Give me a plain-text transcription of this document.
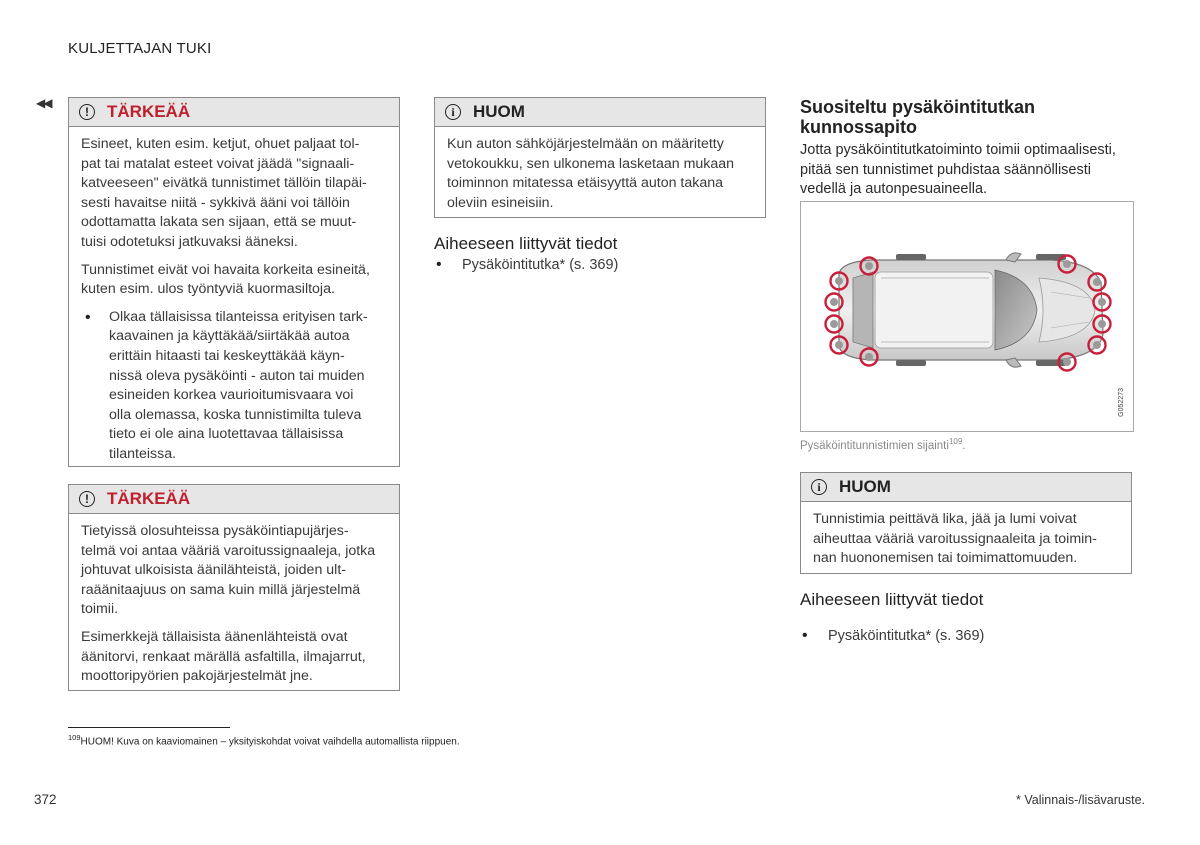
KULJETTAJAN TUKI
◀◀
!	TÄRKEÄÄ

Esineet, kuten esim. ketjut, ohuet paljaat tol-
pat tai matalat esteet voivat jäädä "signaali-
katveeseen" eivätkä tunnistimet tällöin tilapäi-
sesti havaitse niitä - sykkivä ääni voi tällöin
odottamatta lakata sen sijaan, että se muut-
tuisi odotetuksi jatkuvaksi ääneksi.

Tunnistimet eivät voi havaita korkeita esineitä,
kuten esim. ulos työntyviä kuormasiltoja.

• Olkaa tällaisissa tilanteissa erityisen tark-
kaavainen ja käyttäkää/siirtäkää autoa
erittäin hitaasti tai keskeyttäkää käyn-
nissä oleva pysäköinti - auton tai muiden
esineiden korkea vaurioitumisvaara voi
olla olemassa, koska tunnistimilta tuleva
tieto ei ole aina luotettavaa tällaisissa
tilanteissa.

!	TÄRKEÄÄ

Tietyissä olosuhteissa pysäköintiapujärjes-
telmä voi antaa vääriä varoitussignaaleja, jotka
johtuvat ulkoisista äänilähteistä, joiden ult-
raäänitaajuus on sama kuin millä järjestelmä
toimii.

Esimerkkejä tällaisista äänenlähteistä ovat
äänitorvi, renkaat märällä asfaltilla, ilmajarrut,
moottoripyörien pakojärjestelmät jne.

i	HUOM
Kun auton sähköjärjestelmään on määritetty
vetokoukku, sen ulkonema lasketaan mukaan
toiminnon mitatessa etäisyyttä auton takana
oleviin esineisiin.
Aiheeseen liittyvät tiedot
• Pysäköintitutka* (s. 369)
Suositeltu pysäköintitutkan
kunnossapito
Jotta pysäköintitutkatoiminto toimii optimaalisesti,
pitää sen tunnistimet puhdistaa säännöllisesti
vedellä ja autonpesuaineella.
G052273
Pysäköintitunnistimien sijainti$^{109}$.
i	HUOM
Tunnistimia peittävä lika, jää ja lumi voivat
aiheuttaa vääriä varoitussignaaleita ja toimin-
nan huononemisen tai toimimattomuuden.
Aiheeseen liittyvät tiedot
• Pysäköintitutka* (s. 369)
$^{109}$HUOM! Kuva on kaaviomainen – yksityiskohdat voivat vaihdella automallista riippuen.
372	* Valinnais-/lisävaruste.
